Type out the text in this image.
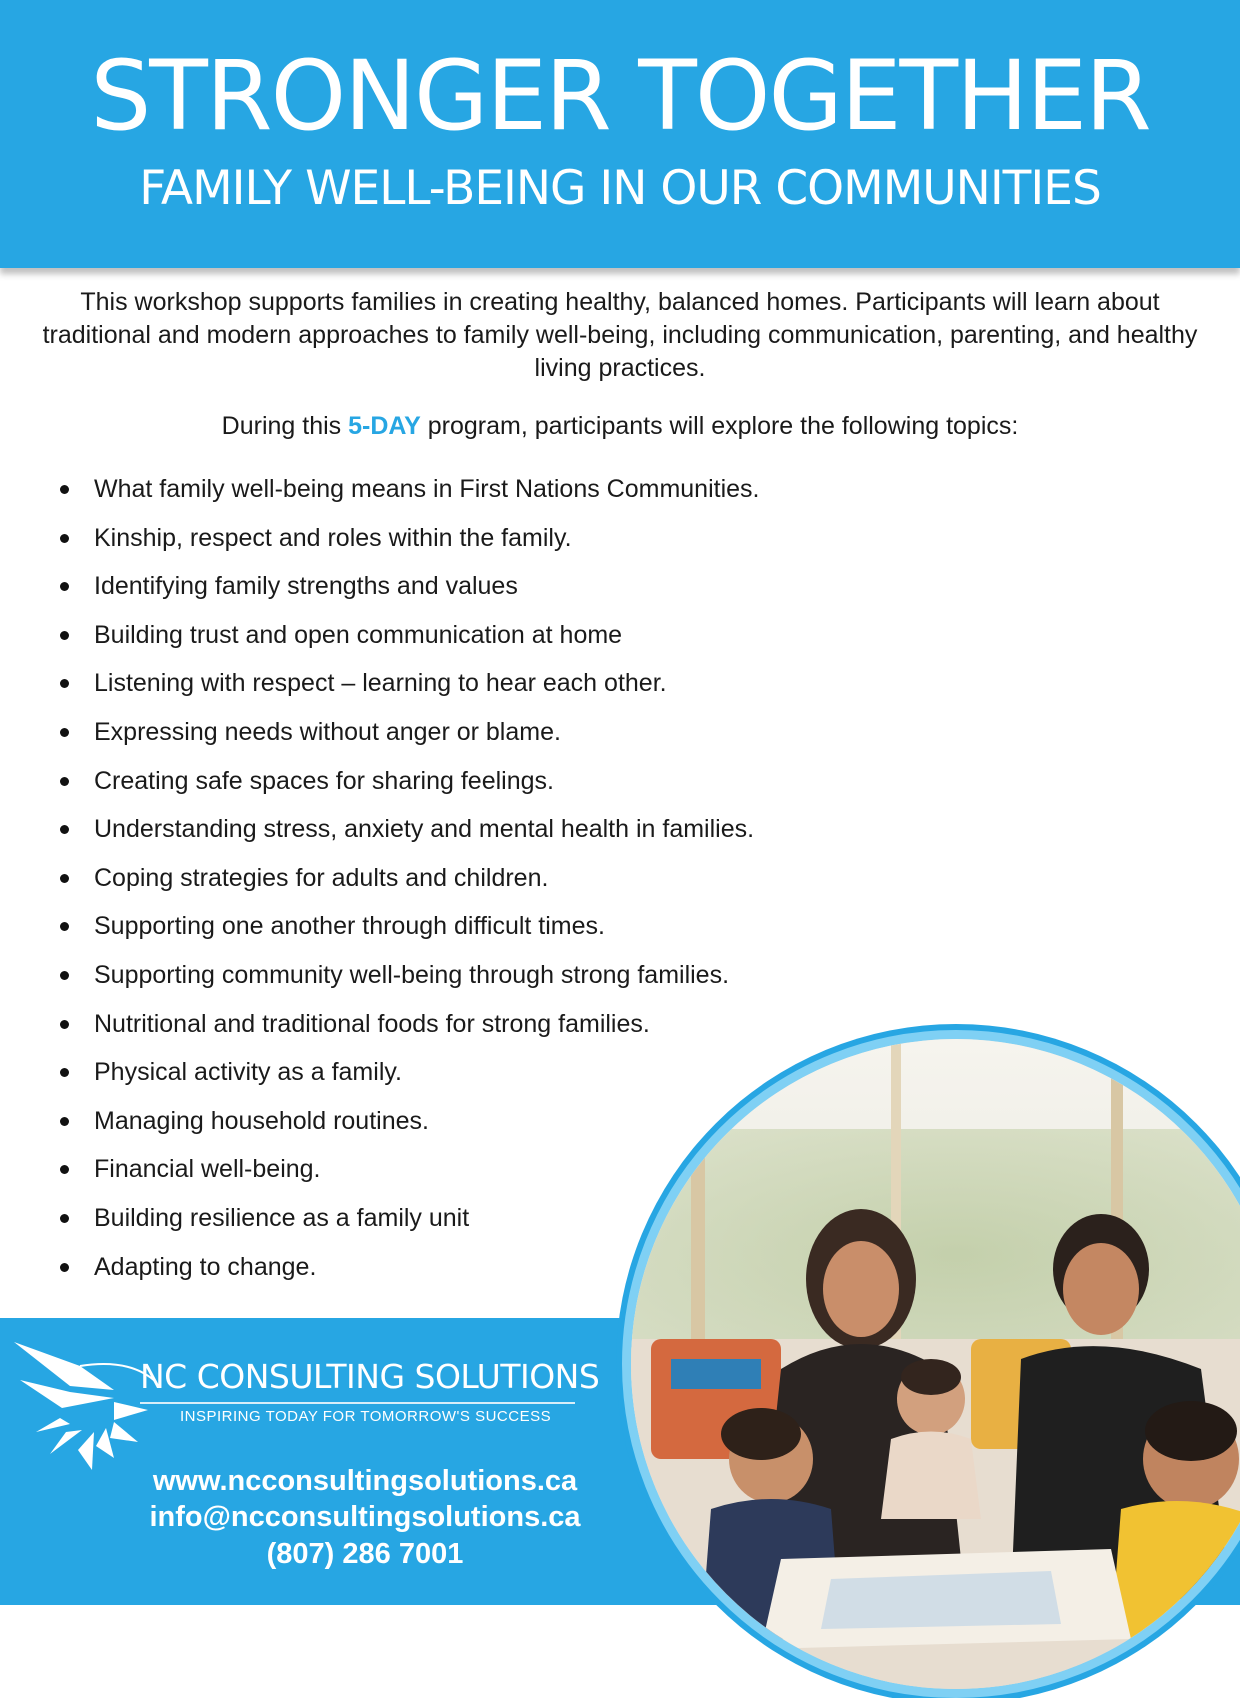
STRONGER TOGETHER
FAMILY WELL-BEING IN OUR COMMUNITIES
This workshop supports families in creating healthy, balanced homes. Participants will learn about traditional and modern approaches to family well-being, including communication, parenting, and healthy living practices.
During this 5-DAY program, participants will explore the following topics:
What family well-being means in First Nations Communities.
Kinship, respect and roles within the family.
Identifying family strengths and values
Building trust and open communication at home
Listening with respect – learning to hear each other.
Expressing needs without anger or blame.
Creating safe spaces for sharing feelings.
Understanding stress, anxiety and mental health in families.
Coping strategies for adults and children.
Supporting one another through difficult times.
Supporting community well-being through strong families.
Nutritional and traditional foods for strong families.
Physical activity as a family.
Managing household routines.
Financial well-being.
Building resilience as a family unit
Adapting to change.
NC CONSULTING SOLUTIONS
INSPIRING TODAY FOR TOMORROW'S SUCCESS
www.ncconsultingsolutions.ca
info@ncconsultingsolutions.ca
(807) 286 7001
